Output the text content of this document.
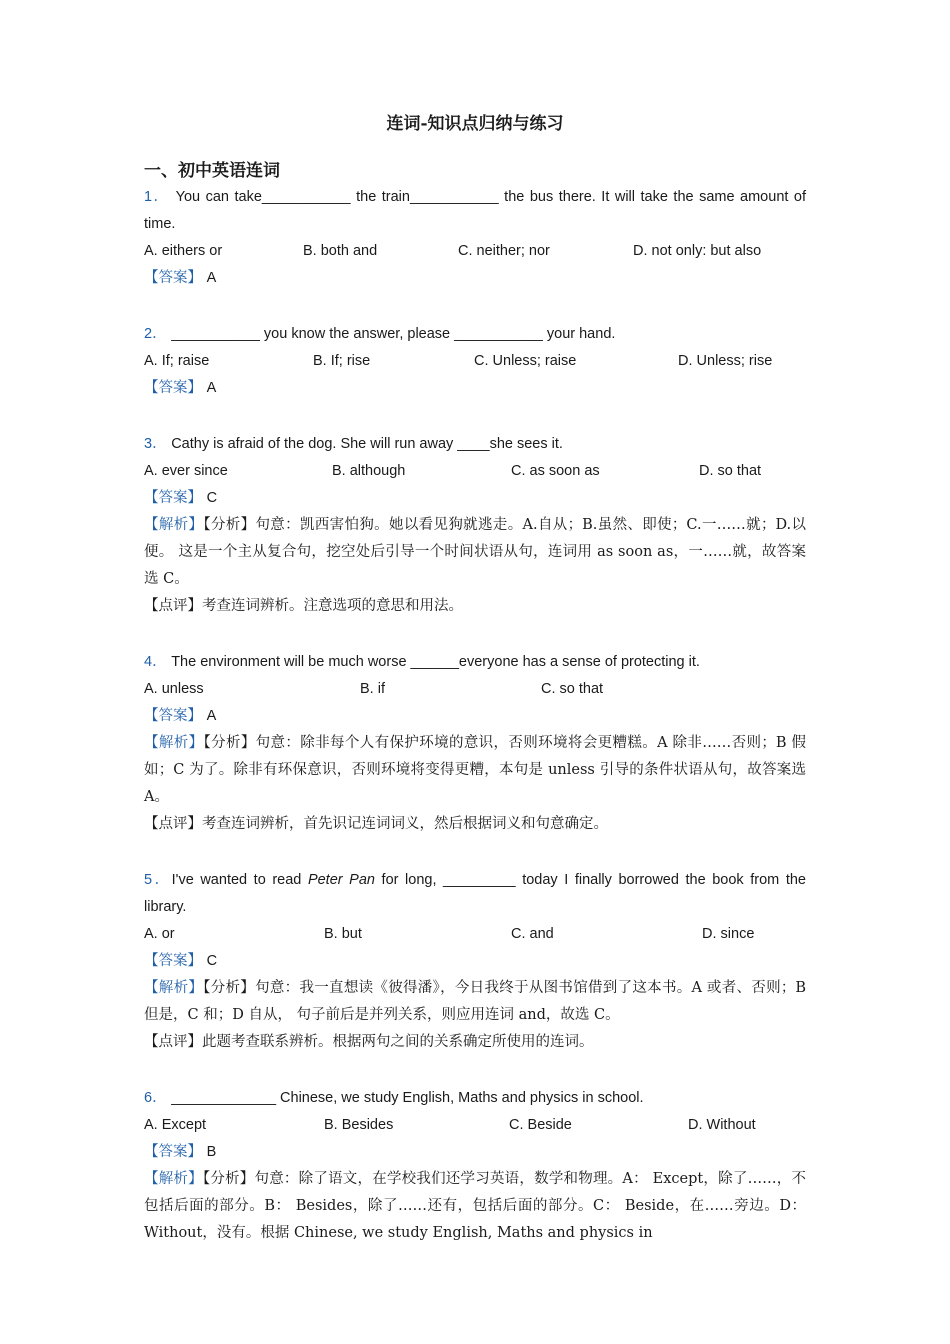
连词-知识点归纳与练习
一、初中英语连词
1． You can take___________ the train___________ the bus there. It will take the same amount of time.
A. eithers or	B. both and	C. neither; nor	D. not only: but also
【答案】 A
2． ___________ you know the answer, please ___________ your hand.
A. If; raise	B. If; rise	C. Unless; raise	D. Unless; rise
【答案】 A
3． Cathy is afraid of the dog. She will run away ____she sees it.
A. ever since	B. although	C. as soon as	D. so that
【答案】 C
【解析】【分析】句意：凯西害怕狗。她以看见狗就逃走。A.自从；B.虽然、即使；C.一……就；D.以便。 这是一个主从复合句，挖空处后引导一个时间状语从句，连词用 as soon as，一……就，故答案选 C。
【点评】考查连词辨析。注意选项的意思和用法。
4． The environment will be much worse ______everyone has a sense of protecting it.
A. unless	B. if	C. so that
【答案】 A
【解析】【分析】句意：除非每个人有保护环境的意识，否则环境将会更糟糕。A 除非……否则；B 假如；C 为了。除非有环保意识，否则环境将变得更糟，本句是 unless 引导的条件状语从句，故答案选 A。
【点评】考查连词辨析，首先识记连词词义，然后根据词义和句意确定。
5．I've wanted to read Peter Pan for long, _________ today I finally borrowed the book from the library.
A. or	B. but	C. and	D. since
【答案】 C
【解析】【分析】句意：我一直想读《彼得潘》，今日我终于从图书馆借到了这本书。A 或者、否则；B 但是，C 和；D 自从， 句子前后是并列关系，则应用连词 and，故选 C。
【点评】此题考查联系辨析。根据两句之间的关系确定所使用的连词。
6． _____________ Chinese, we study English, Maths and physics in school.
A. Except	B. Besides	C. Beside	D. Without
【答案】 B
【解析】【分析】句意：除了语文，在学校我们还学习英语，数学和物理。A： Except，除了……，不包括后面的部分。B： Besides，除了……还有，包括后面的部分。C： Beside，在……旁边。D： Without，没有。根据 Chinese, we study English, Maths and physics in
